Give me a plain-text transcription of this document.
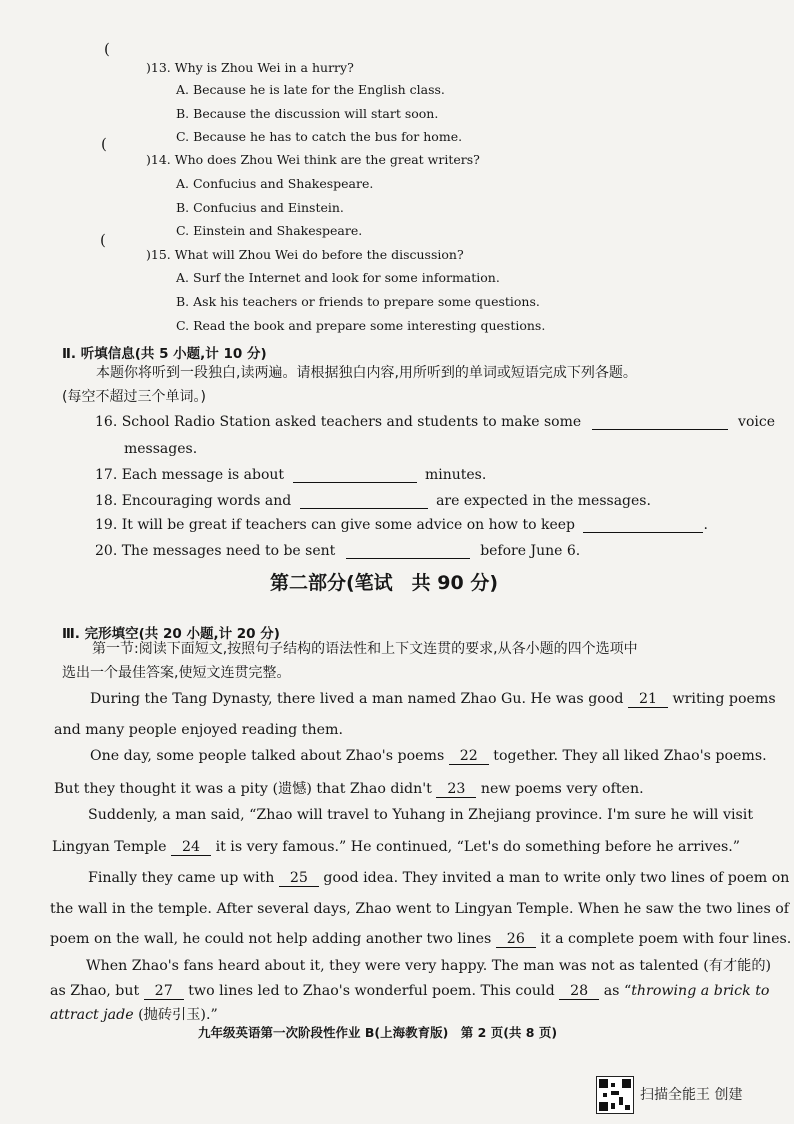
(
)13. Why is Zhou Wei in a hurry?
A. Because he is late for the English class.
B. Because the discussion will start soon.
C. Because he has to catch the bus for home.
(
)14. Who does Zhou Wei think are the great writers?
A. Confucius and Shakespeare.
B. Confucius and Einstein.
C. Einstein and Shakespeare.
(
)15. What will Zhou Wei do before the discussion?
A. Surf the Internet and look for some information.
B. Ask his teachers or friends to prepare some questions.
C. Read the book and prepare some interesting questions.
Ⅱ. 听填信息(共 5 小题,计 10 分)
本题你将听到一段独白,读两遍。请根据独白内容,用所听到的单词或短语完成下列各题。
(每空不超过三个单词。)
16. School Radio Station asked teachers and students to make some	voice
messages.
17. Each message is about	minutes.
18. Encouraging words and	are expected in the messages.
19. It will be great if teachers can give some advice on how to keep	.
20. The messages need to be sent	before June 6.
第二部分(笔试　共 90 分)
Ⅲ. 完形填空(共 20 小题,计 20 分)
第一节:阅读下面短文,按照句子结构的语法性和上下文连贯的要求,从各小题的四个选项中
选出一个最佳答案,使短文连贯完整。
During the Tang Dynasty, there lived a man named Zhao Gu. He was good 21 writing poems
and many people enjoyed reading them.
One day, some people talked about Zhao's poems 22 together. They all liked Zhao's poems.
But they thought it was a pity (遗憾) that Zhao didn't 23 new poems very often.
Suddenly, a man said, “Zhao will travel to Yuhang in Zhejiang province. I'm sure he will visit
Lingyan Temple 24 it is very famous.” He continued, “Let's do something before he arrives.”
Finally they came up with 25 good idea. They invited a man to write only two lines of poem on
the wall in the temple. After several days, Zhao went to Lingyan Temple. When he saw the two lines of
poem on the wall, he could not help adding another two lines 26 it a complete poem with four lines.
When Zhao's fans heard about it, they were very happy. The man was not as talented (有才能的)
as Zhao, but 27 two lines led to Zhao's wonderful poem. This could 28 as “throwing a brick to
attract jade (抛砖引玉).”
九年级英语第一次阶段性作业 B(上海教育版)　第 2 页(共 8 页)
扫描全能王 创建
